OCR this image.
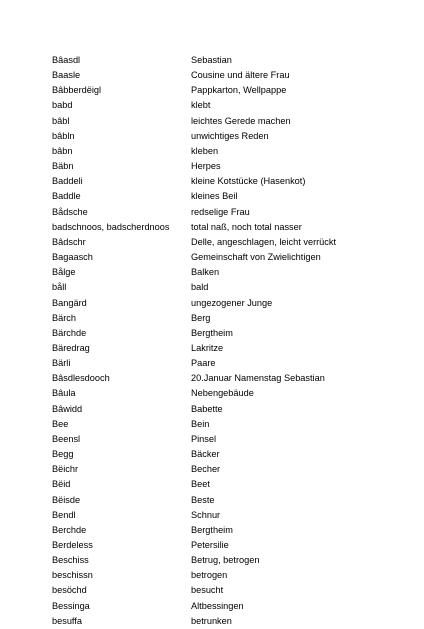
Bâasdl	Sebastian
Baasle	Cousine und ältere Frau
Bâbberdëigl	Pappkarton, Wellpappe
babd	klebt
bâbl	leichtes Gerede machen
bâbln	unwichtiges Reden
bâbn	kleben
Bäbn	Herpes
Baddeli	kleine Kotstücke (Hasenkot)
Baddle	kleines Beil
Bådsche	redselige Frau
badschnoos, badscherdnoos	total naß, noch total nasser
Bâdschr	Delle, angeschlagen, leicht verrückt
Bagaasch	Gemeinschaft von Zwielichtigen
Bålge	Balken
båll	bald
Bangärd	ungezogener Junge
Bärch	Berg
Bärchde	Bergtheim
Bäredrag	Lakritze
Bärli	Paare
Bâsdlesdooch	20.Januar Namenstag Sebastian
Bâula	Nebengebäude
Bâwidd	Babette
Bee	Bein
Beensl	Pinsel
Begg	Bäcker
Bëichr	Becher
Bëid	Beet
Bëisde	Beste
Bendl	Schnur
Berchde	Bergtheim
Berdeless	Petersilie
Beschiss	Betrug, betrogen
beschissn	betrogen
besöchd	besucht
Bessinga	Altbessingen
besuffa	betrunken
